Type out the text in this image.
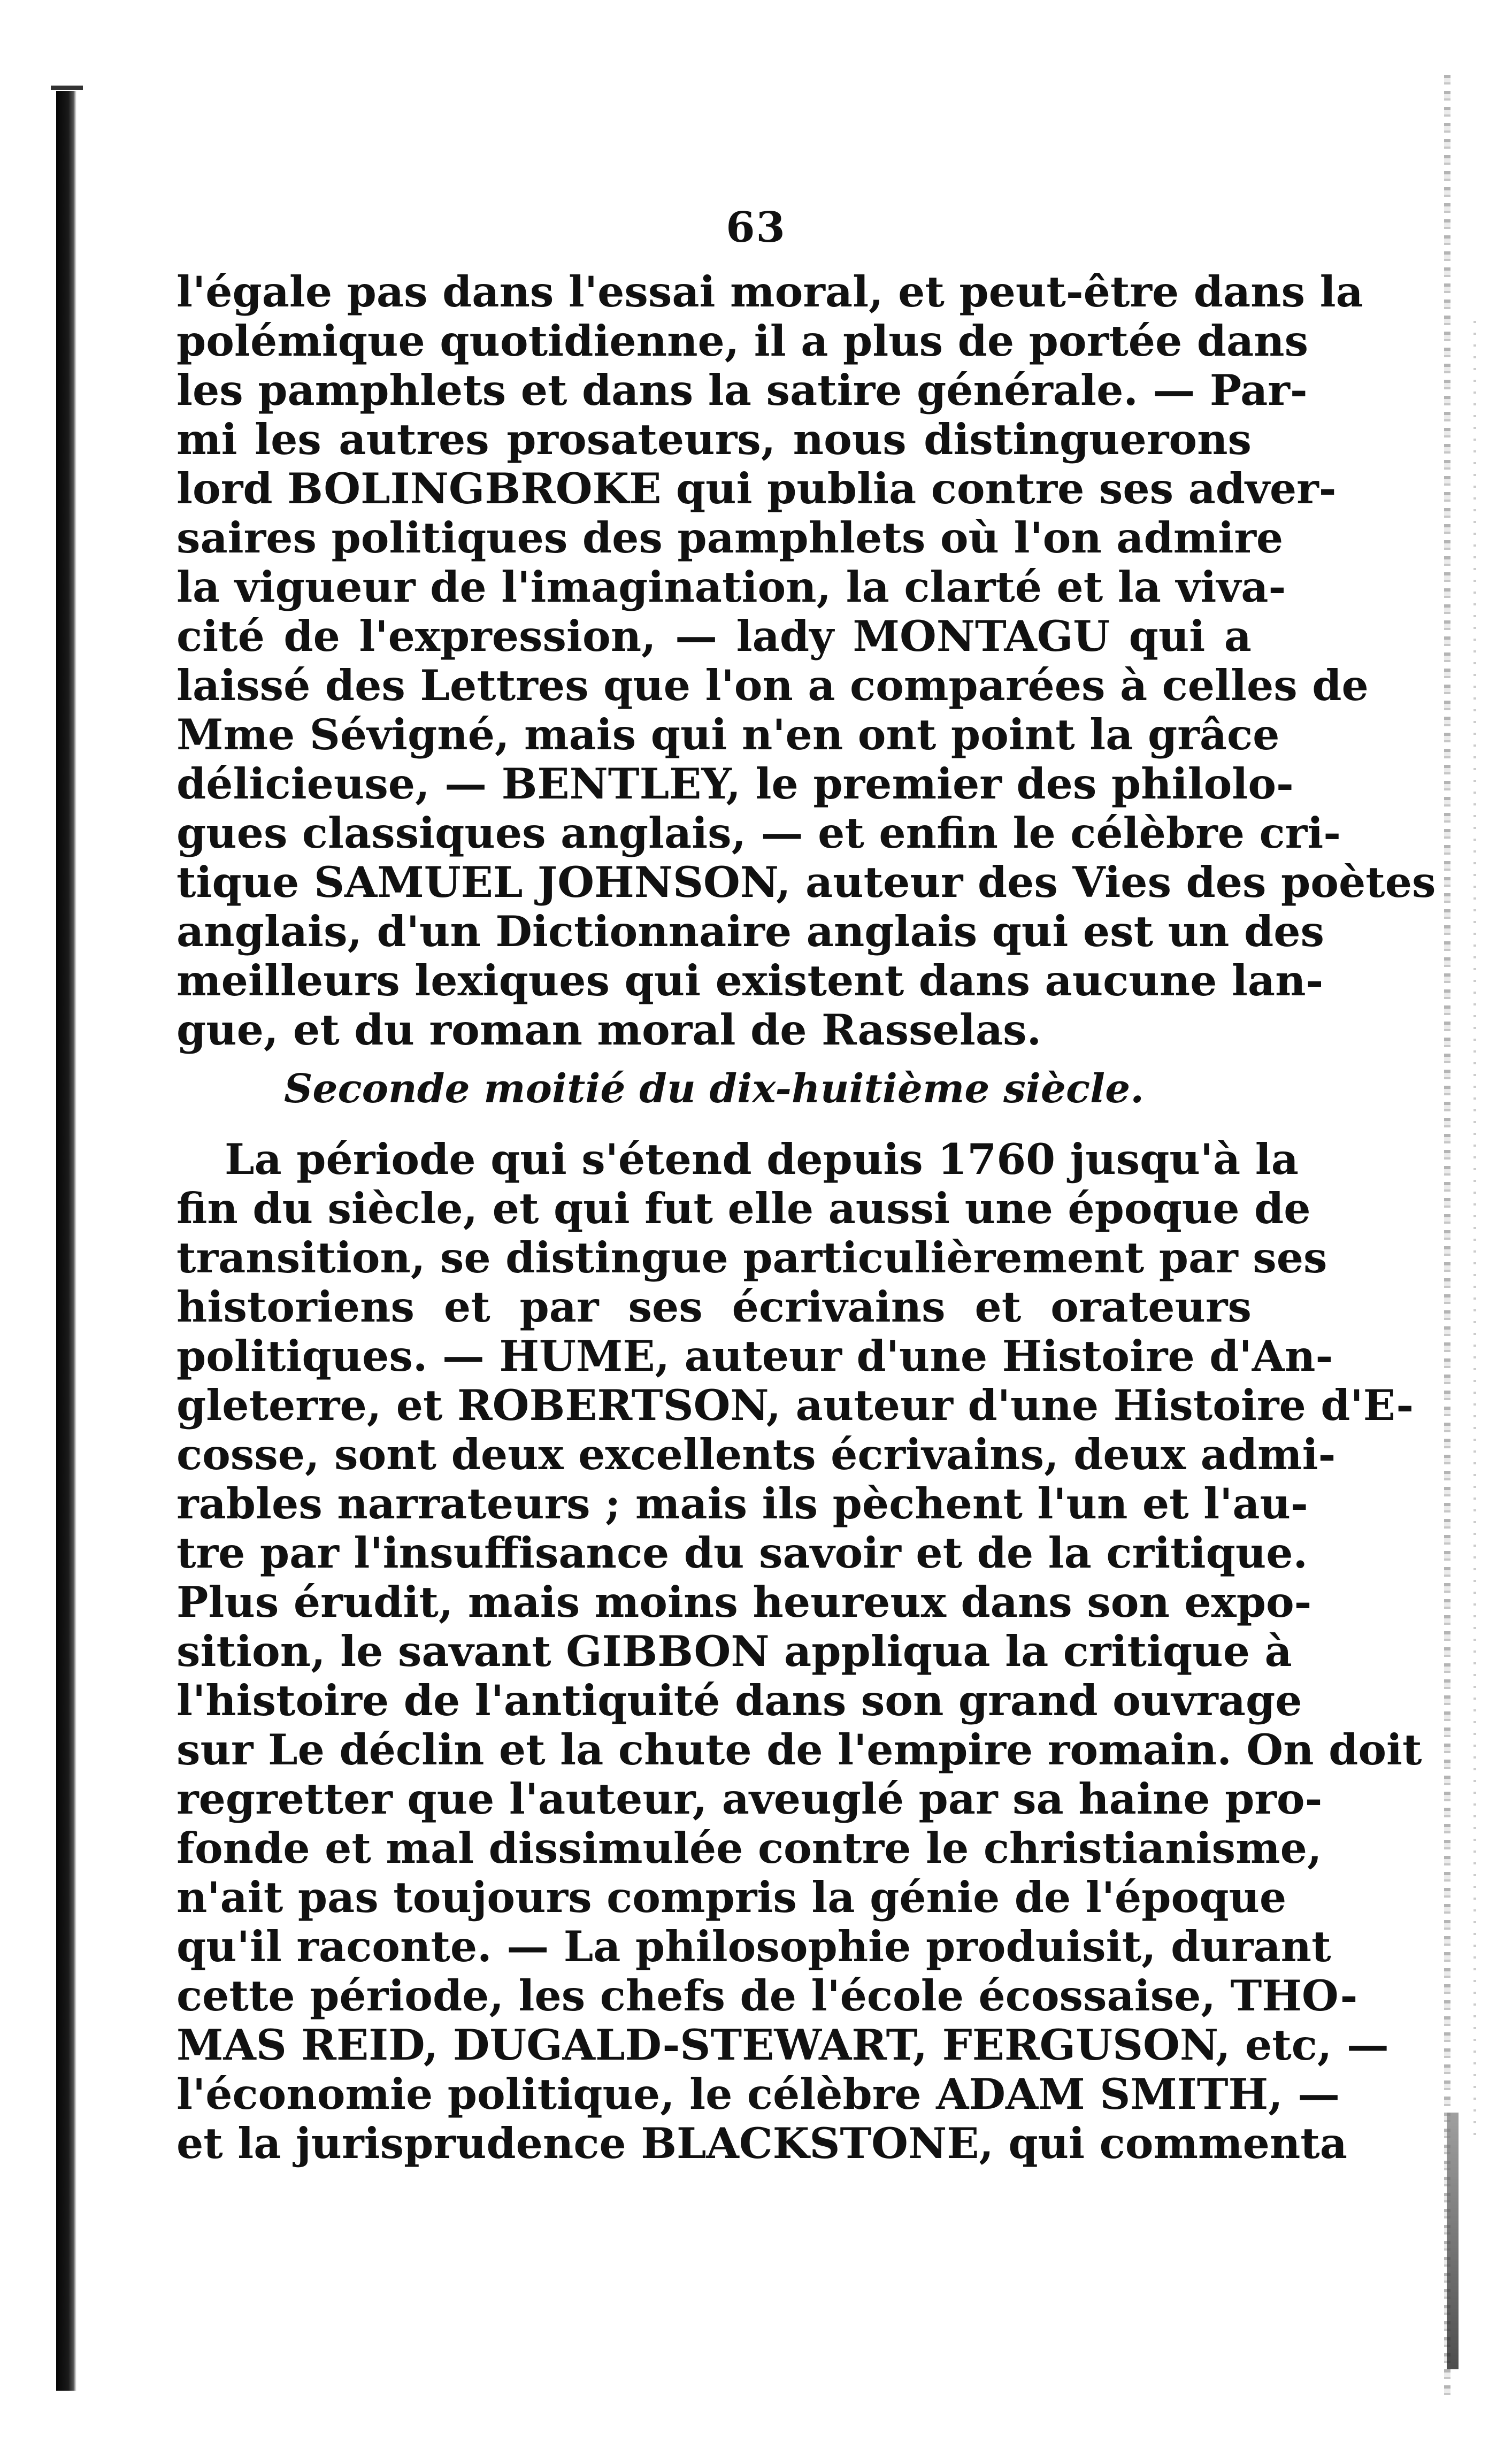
63
l'égale pas dans l'essai moral, et peut-être dans la
polémique quotidienne, il a plus de portée dans
les pamphlets et dans la satire générale. — Par-
mi les autres prosateurs, nous distinguerons
lord BOLINGBROKE qui publia contre ses adver-
saires politiques des pamphlets où l'on admire
la vigueur de l'imagination, la clarté et la viva-
cité de l'expression, — lady MONTAGU qui a
laissé des Lettres que l'on a comparées à celles de
Mme Sévigné, mais qui n'en ont point la grâce
délicieuse, — BENTLEY, le premier des philolo-
gues classiques anglais, — et enfin le célèbre cri-
tique SAMUEL JOHNSON, auteur des Vies des poètes
anglais, d'un Dictionnaire anglais qui est un des
meilleurs lexiques qui existent dans aucune lan-
gue, et du roman moral de Rasselas.
Seconde moitié du dix-huitième siècle.
La période qui s'étend depuis 1760 jusqu'à la
fin du siècle, et qui fut elle aussi une époque de
transition, se distingue particulièrement par ses
historiens et par ses écrivains et orateurs
politiques. — HUME, auteur d'une Histoire d'An-
gleterre, et ROBERTSON, auteur d'une Histoire d'E-
cosse, sont deux excellents écrivains, deux admi-
rables narrateurs ; mais ils pèchent l'un et l'au-
tre par l'insuffisance du savoir et de la critique.
Plus érudit, mais moins heureux dans son expo-
sition, le savant GIBBON appliqua la critique à
l'histoire de l'antiquité dans son grand ouvrage
sur Le déclin et la chute de l'empire romain. On doit
regretter que l'auteur, aveuglé par sa haine pro-
fonde et mal dissimulée contre le christianisme,
n'ait pas toujours compris la génie de l'époque
qu'il raconte. — La philosophie produisit, durant
cette période, les chefs de l'école écossaise, THO-
MAS REID, DUGALD-STEWART, FERGUSON, etc, —
l'économie politique, le célèbre ADAM SMITH, —
et la jurisprudence BLACKSTONE, qui commenta
